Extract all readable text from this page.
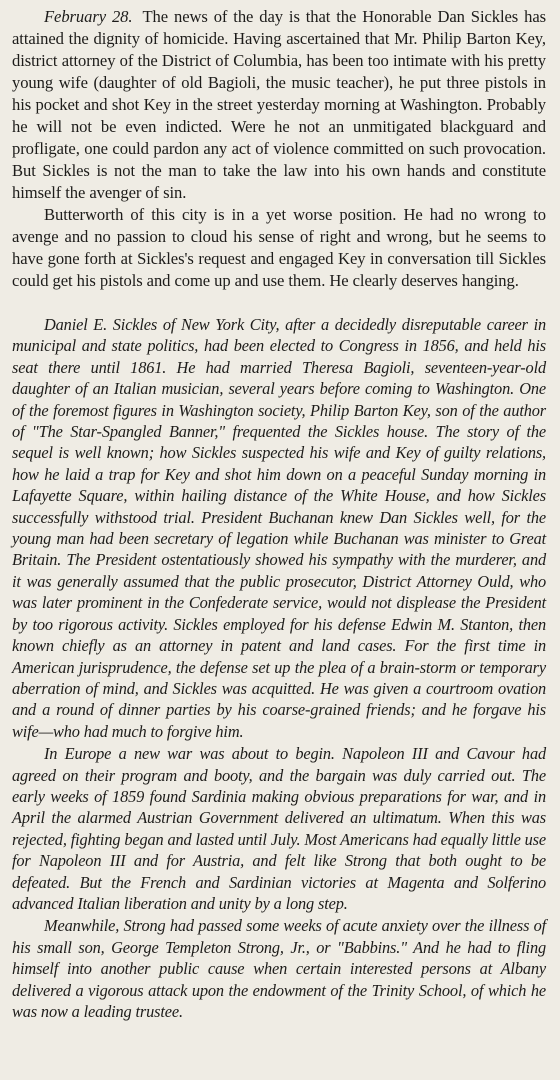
February 28. The news of the day is that the Honorable Dan Sickles has attained the dignity of homicide. Having ascertained that Mr. Philip Barton Key, district attorney of the District of Columbia, has been too intimate with his pretty young wife (daughter of old Bagioli, the music teacher), he put three pistols in his pocket and shot Key in the street yesterday morning at Washington. Probably he will not be even indicted. Were he not an unmitigated blackguard and profligate, one could pardon any act of violence committed on such provocation. But Sickles is not the man to take the law into his own hands and constitute himself the avenger of sin.

Butterworth of this city is in a yet worse position. He had no wrong to avenge and no passion to cloud his sense of right and wrong, but he seems to have gone forth at Sickles's request and engaged Key in conversation till Sickles could get his pistols and come up and use them. He clearly deserves hanging.

Daniel E. Sickles of New York City, after a decidedly disreputable career in municipal and state politics, had been elected to Congress in 1856, and held his seat there until 1861. He had married Theresa Bagioli, seventeen-year-old daughter of an Italian musician, several years before coming to Washington. One of the foremost figures in Washington society, Philip Barton Key, son of the author of "The Star-Spangled Banner," frequented the Sickles house. The story of the sequel is well known; how Sickles suspected his wife and Key of guilty relations, how he laid a trap for Key and shot him down on a peaceful Sunday morning in Lafayette Square, within hailing distance of the White House, and how Sickles successfully withstood trial. President Buchanan knew Dan Sickles well, for the young man had been secretary of legation while Buchanan was minister to Great Britain. The President ostentatiously showed his sympathy with the murderer, and it was generally assumed that the public prosecutor, District Attorney Ould, who was later prominent in the Confederate service, would not displease the President by too rigorous activity. Sickles employed for his defense Edwin M. Stanton, then known chiefly as an attorney in patent and land cases. For the first time in American jurisprudence, the defense set up the plea of a brain-storm or temporary aberration of mind, and Sickles was acquitted. He was given a courtroom ovation and a round of dinner parties by his coarse-grained friends; and he forgave his wife—who had much to forgive him.

In Europe a new war was about to begin. Napoleon III and Cavour had agreed on their program and booty, and the bargain was duly carried out. The early weeks of 1859 found Sardinia making obvious preparations for war, and in April the alarmed Austrian Government delivered an ultimatum. When this was rejected, fighting began and lasted until July. Most Americans had equally little use for Napoleon III and for Austria, and felt like Strong that both ought to be defeated. But the French and Sardinian victories at Magenta and Solferino advanced Italian liberation and unity by a long step.

Meanwhile, Strong had passed some weeks of acute anxiety over the illness of his small son, George Templeton Strong, Jr., or "Babbins." And he had to fling himself into another public cause when certain interested persons at Albany delivered a vigorous attack upon the endowment of the Trinity School, of which he was now a leading trustee.
